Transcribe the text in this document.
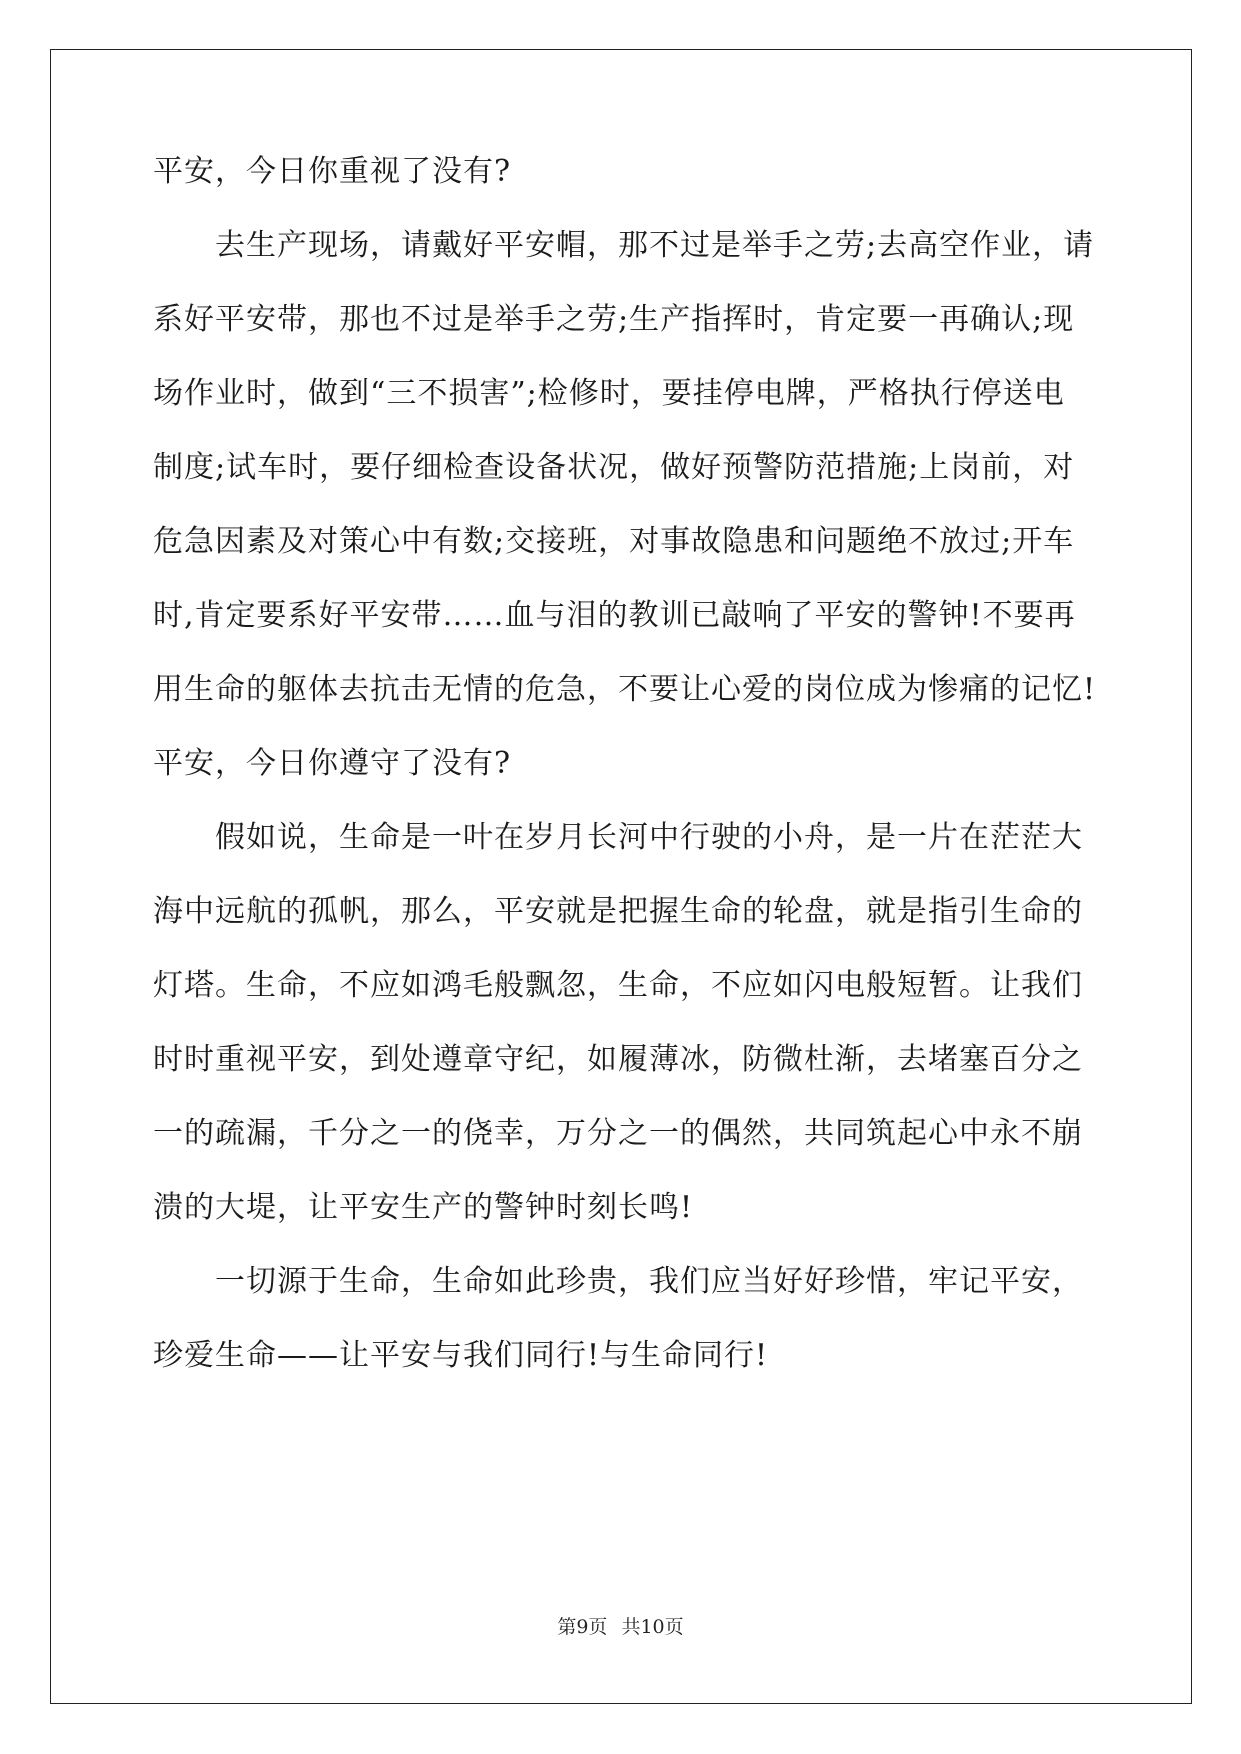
平安，今日你重视了没有?
　　去生产现场，请戴好平安帽，那不过是举手之劳;去高空作业，请
系好平安带，那也不过是举手之劳;生产指挥时，肯定要一再确认;现
场作业时，做到“三不损害”;检修时，要挂停电牌，严格执行停送电
制度;试车时，要仔细检查设备状况，做好预警防范措施;上岗前，对
危急因素及对策心中有数;交接班，对事故隐患和问题绝不放过;开车
时,肯定要系好平安带……血与泪的教训已敲响了平安的警钟!不要再
用生命的躯体去抗击无情的危急，不要让心爱的岗位成为惨痛的记忆!
平安，今日你遵守了没有?
　　假如说，生命是一叶在岁月长河中行驶的小舟，是一片在茫茫大
海中远航的孤帆，那么，平安就是把握生命的轮盘，就是指引生命的
灯塔。生命，不应如鸿毛般飘忽，生命，不应如闪电般短暂。让我们
时时重视平安，到处遵章守纪，如履薄冰，防微杜渐，去堵塞百分之
一的疏漏，千分之一的侥幸，万分之一的偶然，共同筑起心中永不崩
溃的大堤，让平安生产的警钟时刻长鸣!
　　一切源于生命，生命如此珍贵，我们应当好好珍惜，牢记平安，
珍爱生命——让平安与我们同行!与生命同行!
第9页 共10页
